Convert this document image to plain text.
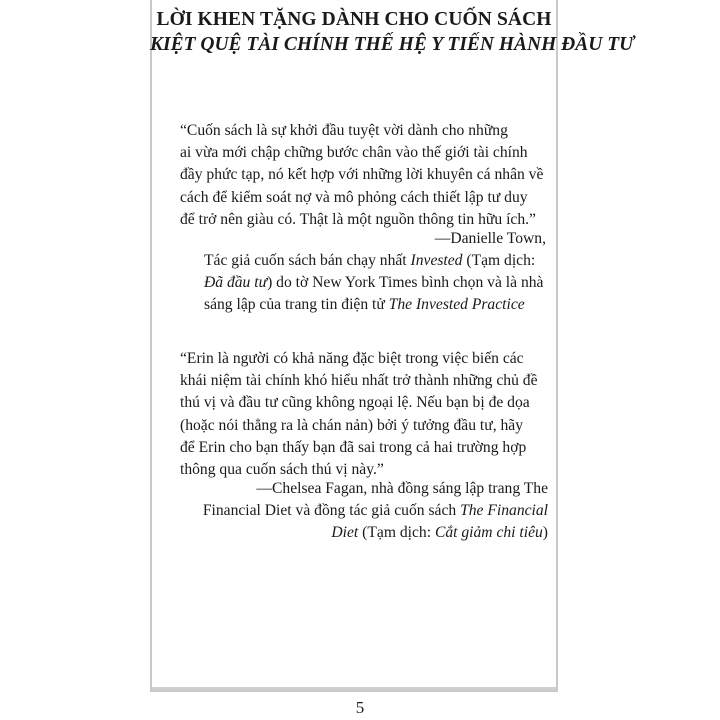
LỜI KHEN TẶNG DÀNH CHO CUỐN SÁCH
KIỆT QUỆ TÀI CHÍNH THẾ HỆ Y TIẾN HÀNH ĐẦU TƯ
“Cuốn sách là sự khởi đầu tuyệt vời dành cho những
ai vừa mới chập chững bước chân vào thế giới tài chính
đầy phức tạp, nó kết hợp với những lời khuyên cá nhân về
cách để kiểm soát nợ và mô phỏng cách thiết lập tư duy
để trở nên giàu có. Thật là một nguồn thông tin hữu ích.”
—Danielle Town,
Tác giả cuốn sách bán chạy nhất Invested (Tạm dịch:
Đã đầu tư) do tờ New York Times bình chọn và là nhà
sáng lập của trang tin điện tử The Invested Practice
“Erin là người có khả năng đặc biệt trong việc biến các
khái niệm tài chính khó hiểu nhất trở thành những chủ đề
thú vị và đầu tư cũng không ngoại lệ. Nếu bạn bị đe dọa
(hoặc nói thẳng ra là chán nản) bởi ý tưởng đầu tư, hãy
để Erin cho bạn thấy bạn đã sai trong cả hai trường hợp
thông qua cuốn sách thú vị này.”
—Chelsea Fagan, nhà đồng sáng lập trang The
Financial Diet và đồng tác giả cuốn sách The Financial
Diet (Tạm dịch: Cắt giảm chi tiêu)
5
